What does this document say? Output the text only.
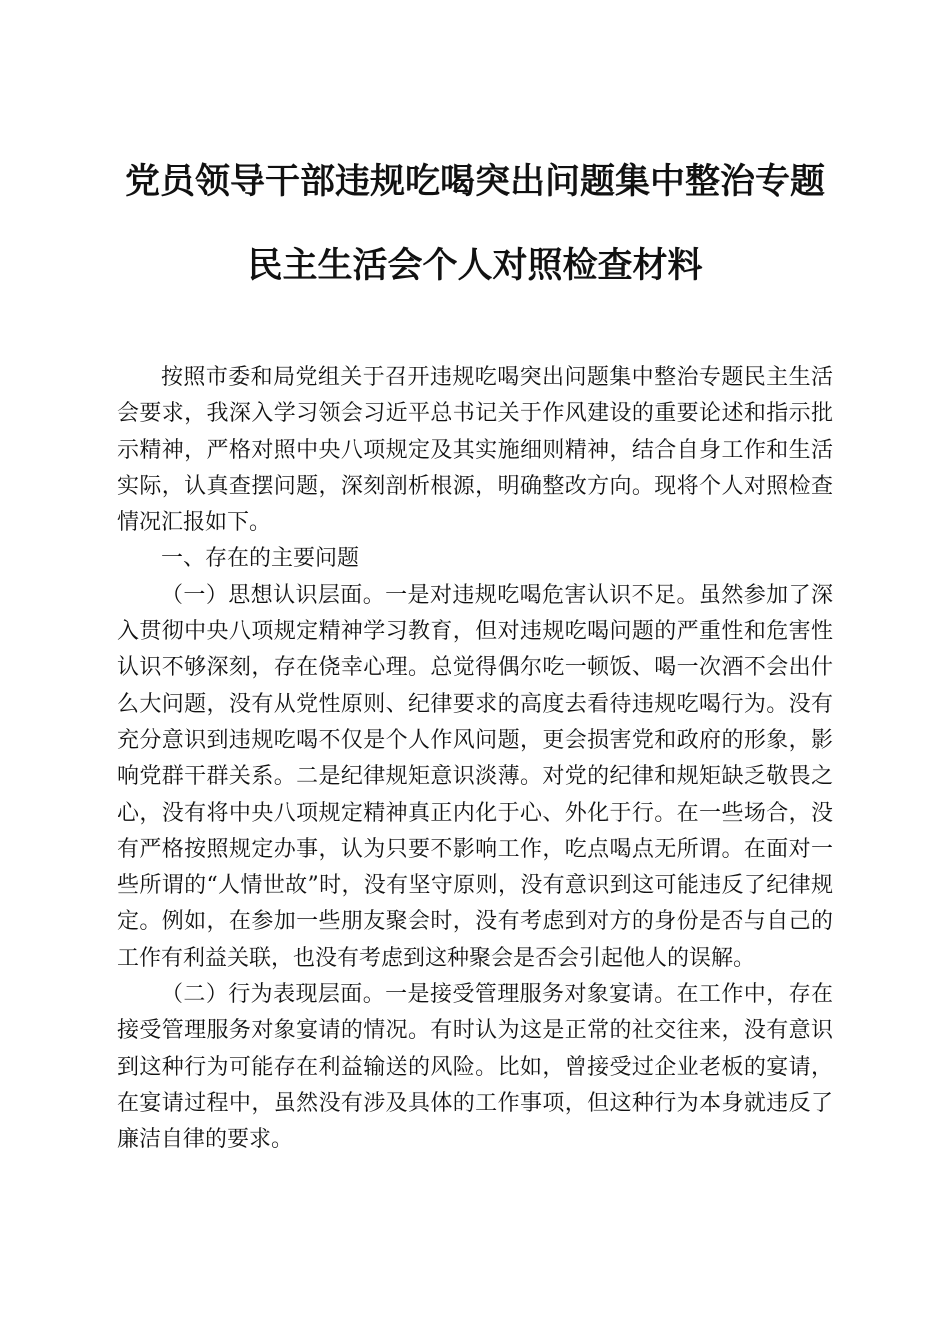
党员领导干部违规吃喝突出问题集中整治专题
民主生活会个人对照检查材料

按照市委和局党组关于召开违规吃喝突出问题集中整治专题民主生活会要求，我深入学习领会习近平总书记关于作风建设的重要论述和指示批示精神，严格对照中央八项规定及其实施细则精神，结合自身工作和生活实际，认真查摆问题，深刻剖析根源，明确整改方向。现将个人对照检查情况汇报如下。

一、存在的主要问题

（一）思想认识层面。一是对违规吃喝危害认识不足。虽然参加了深入贯彻中央八项规定精神学习教育，但对违规吃喝问题的严重性和危害性认识不够深刻，存在侥幸心理。总觉得偶尔吃一顿饭、喝一次酒不会出什么大问题，没有从党性原则、纪律要求的高度去看待违规吃喝行为。没有充分意识到违规吃喝不仅是个人作风问题，更会损害党和政府的形象，影响党群干群关系。二是纪律规矩意识淡薄。对党的纪律和规矩缺乏敬畏之心，没有将中央八项规定精神真正内化于心、外化于行。在一些场合，没有严格按照规定办事，认为只要不影响工作，吃点喝点无所谓。在面对一些所谓的“人情世故”时，没有坚守原则，没有意识到这可能违反了纪律规定。例如，在参加一些朋友聚会时，没有考虑到对方的身份是否与自己的工作有利益关联，也没有考虑到这种聚会是否会引起他人的误解。

（二）行为表现层面。一是接受管理服务对象宴请。在工作中，存在接受管理服务对象宴请的情况。有时认为这是正常的社交往来，没有意识到这种行为可能存在利益输送的风险。比如，曾接受过企业老板的宴请，在宴请过程中，虽然没有涉及具体的工作事项，但这种行为本身就违反了廉洁自律的要求。
